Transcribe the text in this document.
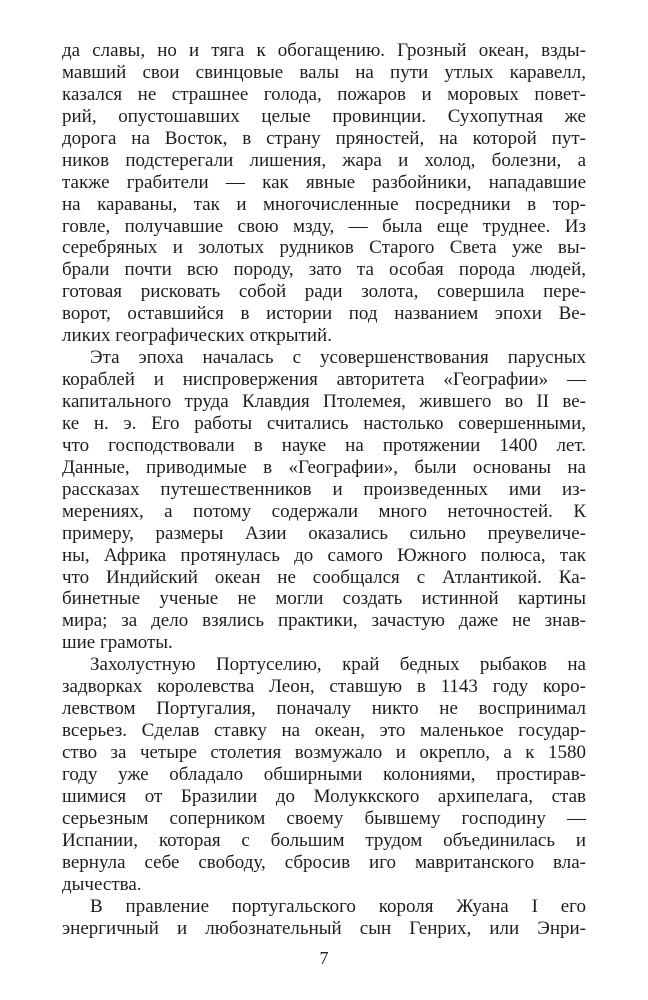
да славы, но и тяга к обогащению. Грозный океан, взды-
мавший свои свинцовые валы на пути утлых каравелл,
казался не страшнее голода, пожаров и моровых повет-
рий, опустошавших целые провинции. Сухопутная же
дорога на Восток, в страну пряностей, на которой пут-
ников подстерегали лишения, жара и холод, болезни, а
также грабители — как явные разбойники, нападавшие
на караваны, так и многочисленные посредники в тор-
говле, получавшие свою мзду, — была еще труднее. Из
серебряных и золотых рудников Старого Света уже вы-
брали почти всю породу, зато та особая порода людей,
готовая рисковать собой ради золота, совершила пере-
ворот, оставшийся в истории под названием эпохи Ве-
ликих географических открытий.
Эта эпоха началась с усовершенствования парусных
кораблей и ниспровержения авторитета «Географии» —
капитального труда Клавдия Птолемея, жившего во II ве-
ке н. э. Его работы считались настолько совершенными,
что господствовали в науке на протяжении 1400 лет.
Данные, приводимые в «Географии», были основаны на
рассказах путешественников и произведенных ими из-
мерениях, а потому содержали много неточностей. К
примеру, размеры Азии оказались сильно преувеличе-
ны, Африка протянулась до самого Южного полюса, так
что Индийский океан не сообщался с Атлантикой. Ка-
бинетные ученые не могли создать истинной картины
мира; за дело взялись практики, зачастую даже не знав-
шие грамоты.
Захолустную Портуселию, край бедных рыбаков на
задворках королевства Леон, ставшую в 1143 году коро-
левством Португалия, поначалу никто не воспринимал
всерьез. Сделав ставку на океан, это маленькое государ-
ство за четыре столетия возмужало и окрепло, а к 1580
году уже обладало обширными колониями, простирав-
шимися от Бразилии до Молуккского архипелага, став
серьезным соперником своему бывшему господину —
Испании, которая с большим трудом объединилась и
вернула себе свободу, сбросив иго мавританского вла-
дычества.
В правление португальского короля Жуана I его
энергичный и любознательный сын Генрих, или Энри-
7
